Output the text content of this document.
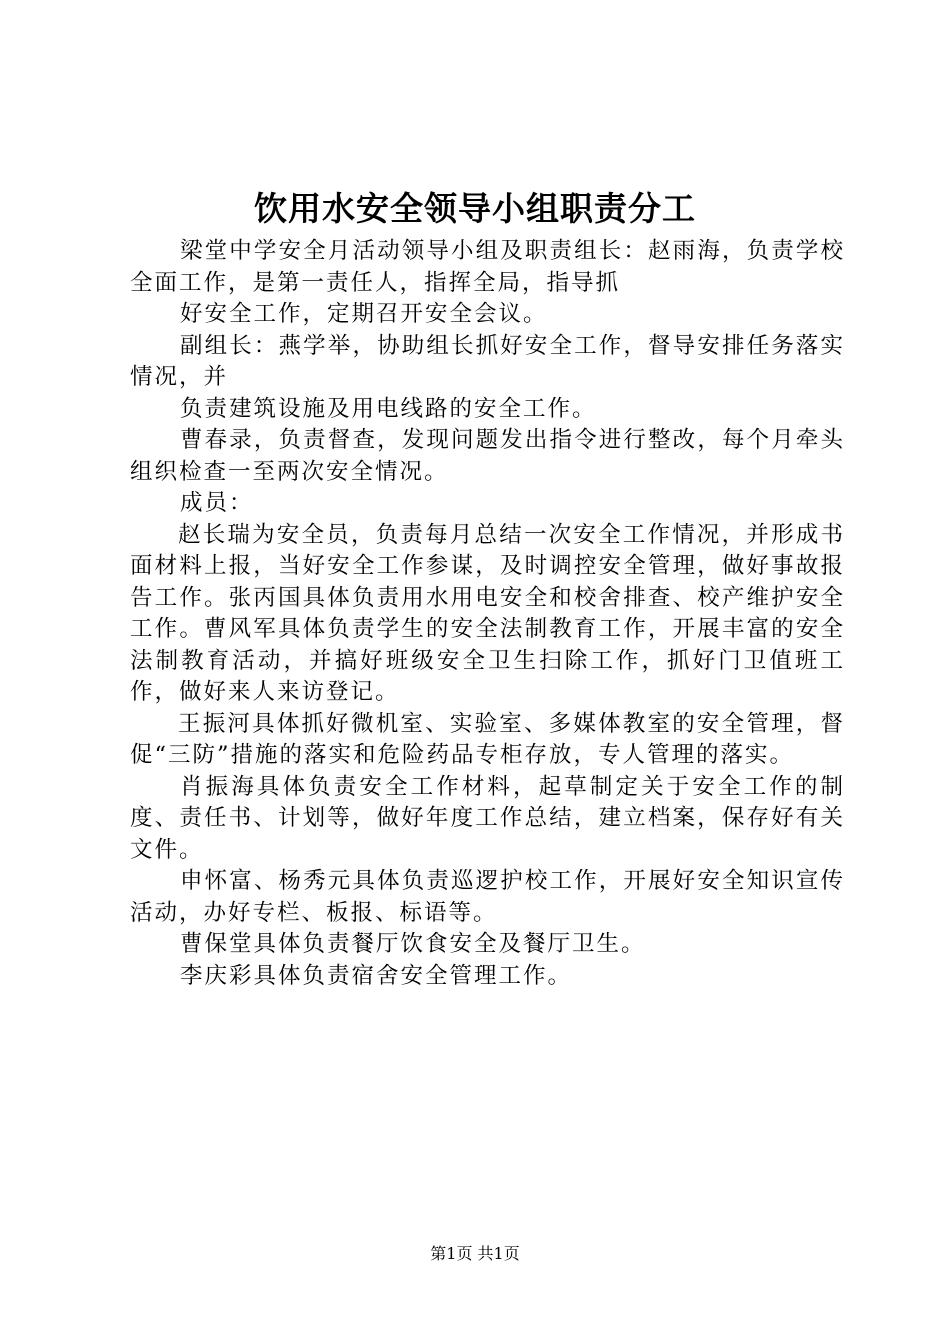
饮用水安全领导小组职责分工

梁堂中学安全月活动领导小组及职责组长：赵雨海，负责学校全面工作，是第一责任人，指挥全局，指导抓

好安全工作，定期召开安全会议。

副组长：燕学举，协助组长抓好安全工作，督导安排任务落实情况，并

负责建筑设施及用电线路的安全工作。

曹春录，负责督查，发现问题发出指令进行整改，每个月牵头组织检查一至两次安全情况。

成员：

赵长瑞为安全员，负责每月总结一次安全工作情况，并形成书面材料上报，当好安全工作参谋，及时调控安全管理，做好事故报告工作。张丙国具体负责用水用电安全和校舍排查、校产维护安全工作。曹风军具体负责学生的安全法制教育工作，开展丰富的安全法制教育活动，并搞好班级安全卫生扫除工作，抓好门卫值班工作，做好来人来访登记。

王振河具体抓好微机室、实验室、多媒体教室的安全管理，督促“三防”措施的落实和危险药品专柜存放，专人管理的落实。

肖振海具体负责安全工作材料，起草制定关于安全工作的制度、责任书、计划等，做好年度工作总结，建立档案，保存好有关文件。

申怀富、杨秀元具体负责巡逻护校工作，开展好安全知识宣传活动，办好专栏、板报、标语等。

曹保堂具体负责餐厅饮食安全及餐厅卫生。

李庆彩具体负责宿舍安全管理工作。

第1页 共1页
